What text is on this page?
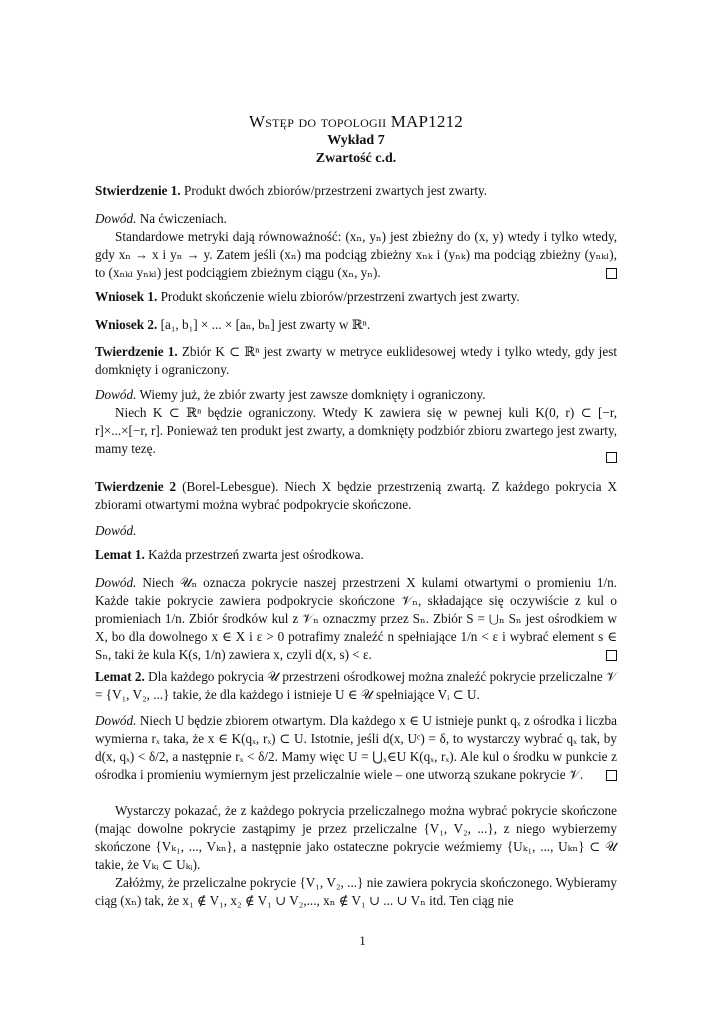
Wstęp do topologii MAP1212
Wykład 7
Zwartość c.d.
Stwierdzenie 1. Produkt dwóch zbiorów/przestrzeni zwartych jest zwarty.
Dowód. Na ćwiczeniach.
Standardowe metryki dają równoważność: (xₙ, yₙ) jest zbieżny do (x, y) wtedy i tylko wtedy, gdy xₙ → x i yₙ → y. Zatem jeśli (xₙ) ma podciąg zbieżny xₙₖ i (yₙₖ) ma podciąg zbieżny (yₙₖₗ), to (xₙₖₗ yₙₖₗ) jest podciągiem zbieżnym ciągu (xₙ, yₙ).
Wniosek 1. Produkt skończenie wielu zbiorów/przestrzeni zwartych jest zwarty.
Wniosek 2. [a₁, b₁] × ... × [aₙ, bₙ] jest zwarty w ℝⁿ.
Twierdzenie 1. Zbiór K ⊂ ℝⁿ jest zwarty w metryce euklidesowej wtedy i tylko wtedy, gdy jest domknięty i ograniczony.
Dowód. Wiemy już, że zbiór zwarty jest zawsze domknięty i ograniczony.
Niech K ⊂ ℝⁿ będzie ograniczony. Wtedy K zawiera się w pewnej kuli K(0, r) ⊂ [−r, r]×...×[−r, r]. Ponieważ ten produkt jest zwarty, a domknięty podzbiór zbioru zwartego jest zwarty, mamy tezę.
Twierdzenie 2 (Borel-Lebesgue). Niech X będzie przestrzenią zwartą. Z każdego pokrycia X zbiorami otwartymi można wybrać podpokrycie skończone.
Dowód.
Lemat 1. Każda przestrzeń zwarta jest ośrodkowa.
Dowód. Niech 𝒰ₙ oznacza pokrycie naszej przestrzeni X kulami otwartymi o promieniu 1/n. Każde takie pokrycie zawiera podpokrycie skończone 𝒱ₙ, składające się oczywiście z kul o promieniach 1/n. Zbiór środków kul z 𝒱ₙ oznaczmy przez Sₙ. Zbiór S = ⋃ₙ Sₙ jest ośrodkiem w X, bo dla dowolnego x ∈ X i ε > 0 potrafimy znaleźć n spełniające 1/n < ε i wybrać element s ∈ Sₙ, taki że kula K(s, 1/n) zawiera x, czyli d(x, s) < ε.
Lemat 2. Dla każdego pokrycia 𝒰 przestrzeni ośrodkowej można znaleźć pokrycie przeliczalne 𝒱 = {V₁, V₂, ...} takie, że dla każdego i istnieje U ∈ 𝒰 spełniające Vᵢ ⊂ U.
Dowód. Niech U będzie zbiorem otwartym. Dla każdego x ∈ U istnieje punkt qₓ z ośrodka i liczba wymierna rₓ taka, że x ∈ K(qₓ, rₓ) ⊂ U. Istotnie, jeśli d(x, Uᶜ) = δ, to wystarczy wybrać qₓ tak, by d(x, qₓ) < δ/2, a następnie rₓ < δ/2. Mamy więc U = ⋃ₓ∈U K(qₓ, rₓ). Ale kul o środku w punkcie z ośrodka i promieniu wymiernym jest przeliczalnie wiele – one utworzą szukane pokrycie 𝒱.
Wystarczy pokazać, że z każdego pokrycia przeliczalnego można wybrać pokrycie skończone (mając dowolne pokrycie zastąpimy je przez przeliczalne {V₁, V₂, ...}, z niego wybierzemy skończone {Vₖ₁, ..., Vₖₙ}, a następnie jako ostateczne pokrycie weźmiemy {Uₖ₁, ..., Uₖₙ} ⊂ 𝒰 takie, że Vₖᵢ ⊂ Uₖᵢ).
Załóżmy, że przeliczalne pokrycie {V₁, V₂, ...} nie zawiera pokrycia skończonego. Wybieramy ciąg (xₙ) tak, że x₁ ∉ V₁, x₂ ∉ V₁ ∪ V₂,..., xₙ ∉ V₁ ∪ ... ∪ Vₙ itd. Ten ciąg nie
1
